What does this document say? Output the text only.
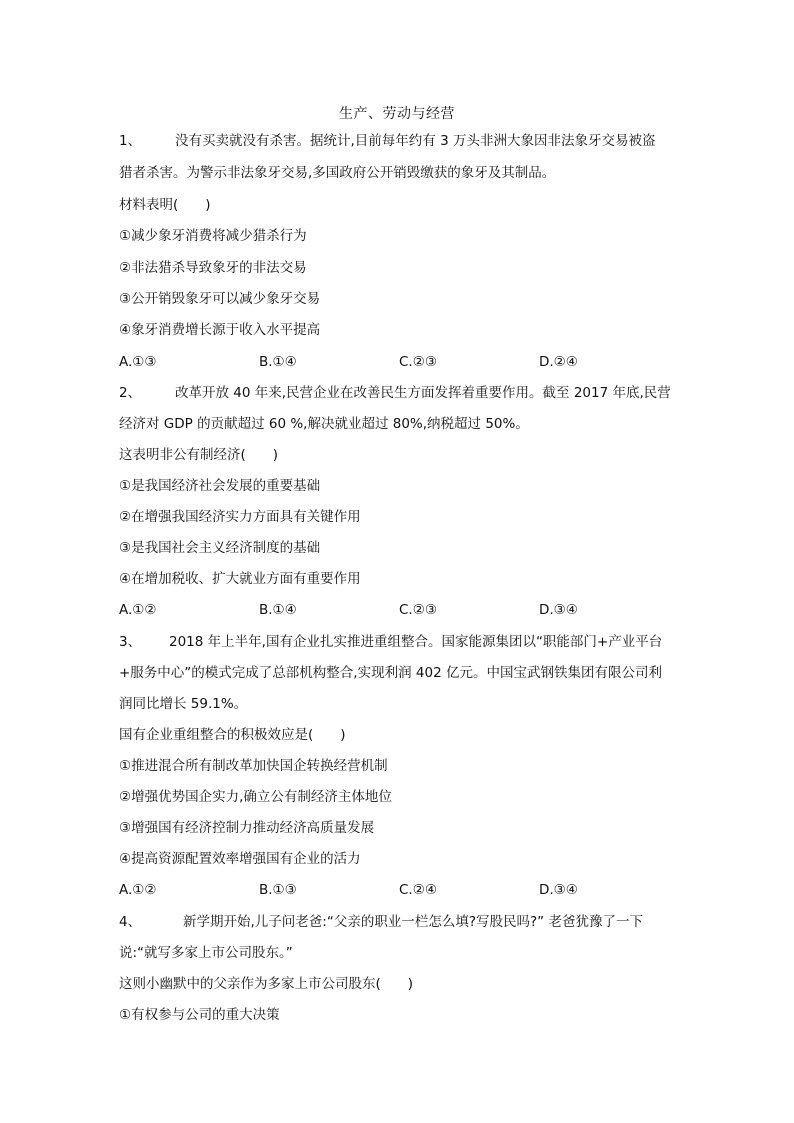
生产、劳动与经营
1、	没有买卖就没有杀害。据统计,目前每年约有 3 万头非洲大象因非法象牙交易被盗
猎者杀害。为警示非法象牙交易,多国政府公开销毁缴获的象牙及其制品。
材料表明(　　)
①减少象牙消费将减少猎杀行为
②非法猎杀导致象牙的非法交易
③公开销毁象牙可以减少象牙交易
④象牙消费增长源于收入水平提高
A.①③	B.①④	C.②③	D.②④
2、	改革开放 40 年来,民营企业在改善民生方面发挥着重要作用。截至 2017 年底,民营
经济对 GDP 的贡献超过 60 %,解决就业超过 80%,纳税超过 50%。
这表明非公有制经济(　　)
①是我国经济社会发展的重要基础
②在增强我国经济实力方面具有关键作用
③是我国社会主义经济制度的基础
④在增加税收、扩大就业方面有重要作用
A.①②	B.①④	C.②③	D.③④
3、 2018 年上半年,国有企业扎实推进重组整合。国家能源集团以“职能部门+产业平台
+服务中心”的模式完成了总部机构整合,实现利润 402 亿元。中国宝武钢铁集团有限公司利
润同比增长 59.1%。
国有企业重组整合的积极效应是(　　)
①推进混合所有制改革加快国企转换经营机制
②增强优势国企实力,确立公有制经济主体地位
③增强国有经济控制力推动经济高质量发展
④提高资源配置效率增强国有企业的活力
A.①②	B.①③	C.②④	D.③④
4、	新学期开始,儿子问老爸:“父亲的职业一栏怎么填?写股民吗?” 老爸犹豫了一下
说:“就写多家上市公司股东。”
这则小幽默中的父亲作为多家上市公司股东(　　)
①有权参与公司的重大决策
